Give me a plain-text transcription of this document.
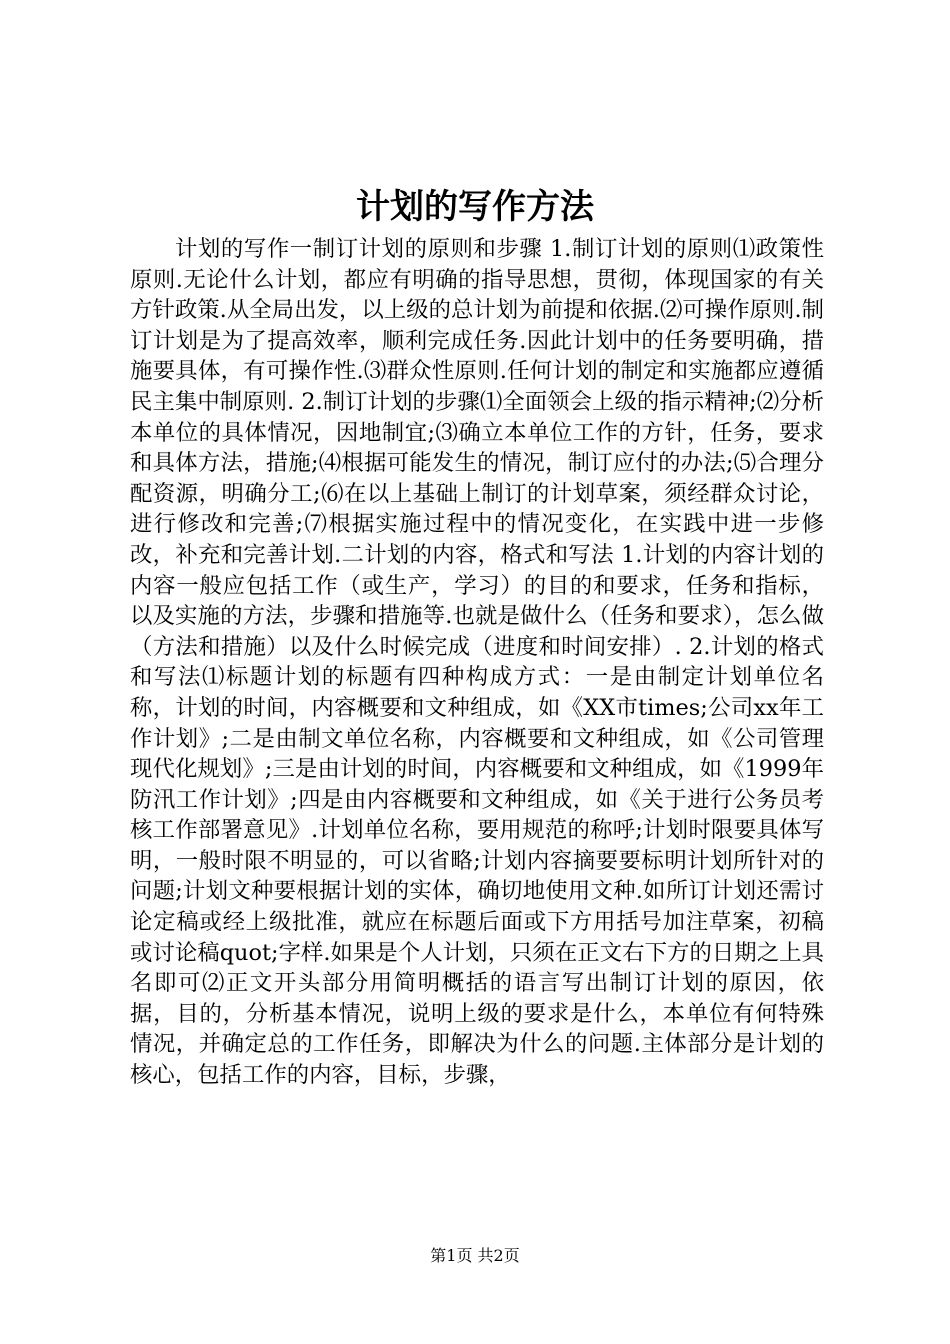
计划的写作方法

计划的写作一制订计划的原则和步骤 1.制订计划的原则⑴政策性原则.无论什么计划，都应有明确的指导思想，贯彻，体现国家的有关方针政策.从全局出发，以上级的总计划为前提和依据.⑵可操作原则.制订计划是为了提高效率，顺利完成任务.因此计划中的任务要明确，措施要具体，有可操作性.⑶群众性原则.任何计划的制定和实施都应遵循民主集中制原则. 2.制订计划的步骤⑴全面领会上级的指示精神;⑵分析本单位的具体情况，因地制宜;⑶确立本单位工作的方针，任务，要求和具体方法，措施;⑷根据可能发生的情况，制订应付的办法;⑸合理分配资源，明确分工;⑹在以上基础上制订的计划草案，须经群众讨论，进行修改和完善;⑺根据实施过程中的情况变化，在实践中进一步修改，补充和完善计划.二计划的内容，格式和写法 1.计划的内容计划的内容一般应包括工作（或生产，学习）的目的和要求，任务和指标，以及实施的方法，步骤和措施等.也就是做什么（任务和要求），怎么做（方法和措施）以及什么时候完成（进度和时间安排）. 2.计划的格式和写法⑴标题计划的标题有四种构成方式：一是由制定计划单位名称，计划的时间，内容概要和文种组成，如《XX市times;公司xx年工作计划》;二是由制文单位名称，内容概要和文种组成，如《公司管理现代化规划》;三是由计划的时间，内容概要和文种组成，如《1999年防汛工作计划》;四是由内容概要和文种组成，如《关于进行公务员考核工作部署意见》.计划单位名称，要用规范的称呼;计划时限要具体写明，一般时限不明显的，可以省略;计划内容摘要要标明计划所针对的问题;计划文种要根据计划的实体，确切地使用文种.如所订计划还需讨论定稿或经上级批准，就应在标题后面或下方用括号加注草案，初稿或讨论稿quot;字样.如果是个人计划，只须在正文右下方的日期之上具名即可⑵正文开头部分用简明概括的语言写出制订计划的原因，依据，目的，分析基本情况，说明上级的要求是什么，本单位有何特殊情况，并确定总的工作任务，即解决为什么的问题.主体部分是计划的核心，包括工作的内容，目标，步骤，

第1页 共2页
